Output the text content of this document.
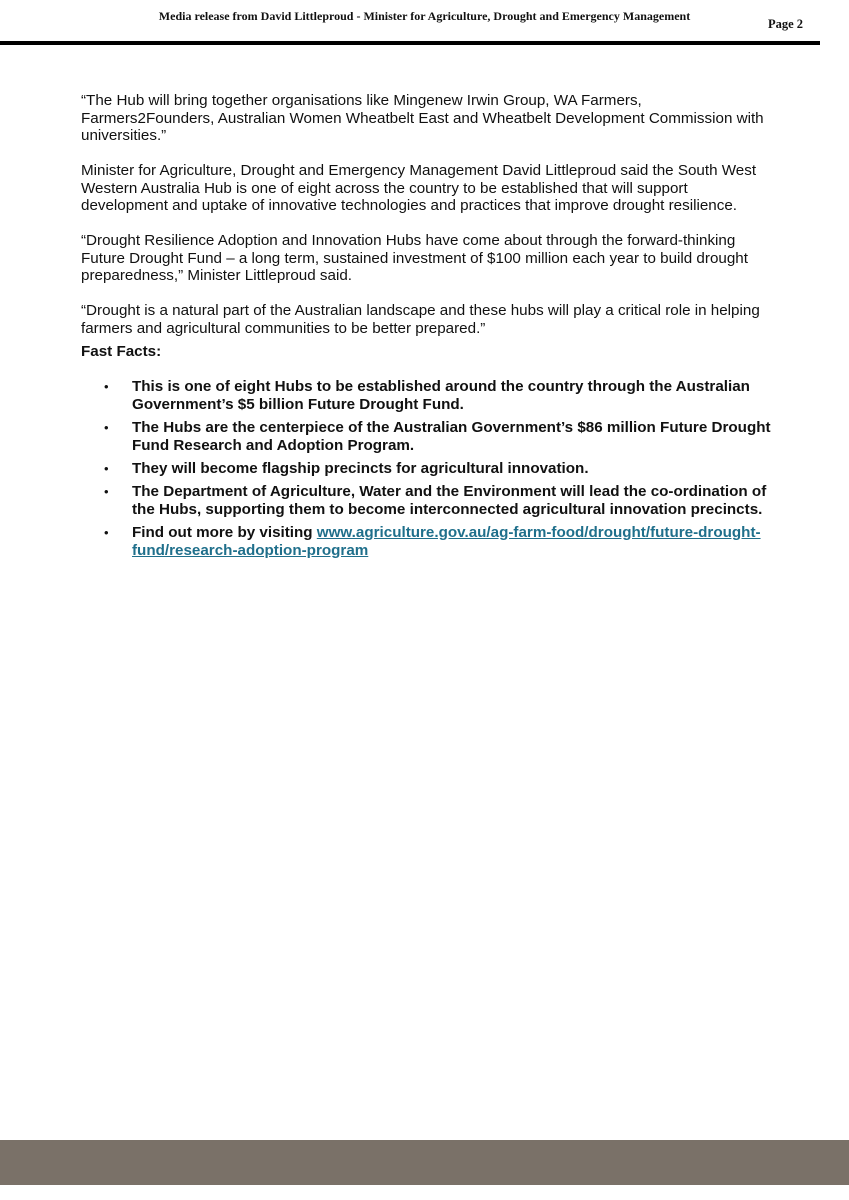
Media release from David Littleproud - Minister for Agriculture, Drought and Emergency Management
Page 2

“The Hub will bring together organisations like Mingenew Irwin Group, WA Farmers, Farmers2Founders, Australian Women Wheatbelt East and Wheatbelt Development Commission with universities.”

Minister for Agriculture, Drought and Emergency Management David Littleproud said the South West Western Australia Hub is one of eight across the country to be established that will support development and uptake of innovative technologies and practices that improve drought resilience.

“Drought Resilience Adoption and Innovation Hubs have come about through the forward-thinking Future Drought Fund – a long term, sustained investment of $100 million each year to build drought preparedness,” Minister Littleproud said.

“Drought is a natural part of the Australian landscape and these hubs will play a critical role in helping farmers and agricultural communities to be better prepared.”

Fast Facts:

• This is one of eight Hubs to be established around the country through the Australian Government’s $5 billion Future Drought Fund.
• The Hubs are the centerpiece of the Australian Government’s $86 million Future Drought Fund Research and Adoption Program.
• They will become flagship precincts for agricultural innovation.
• The Department of Agriculture, Water and the Environment will lead the co-ordination of the Hubs, supporting them to become interconnected agricultural innovation precincts.
• Find out more by visiting www.agriculture.gov.au/ag-farm-food/drought/future-drought-fund/research-adoption-program
